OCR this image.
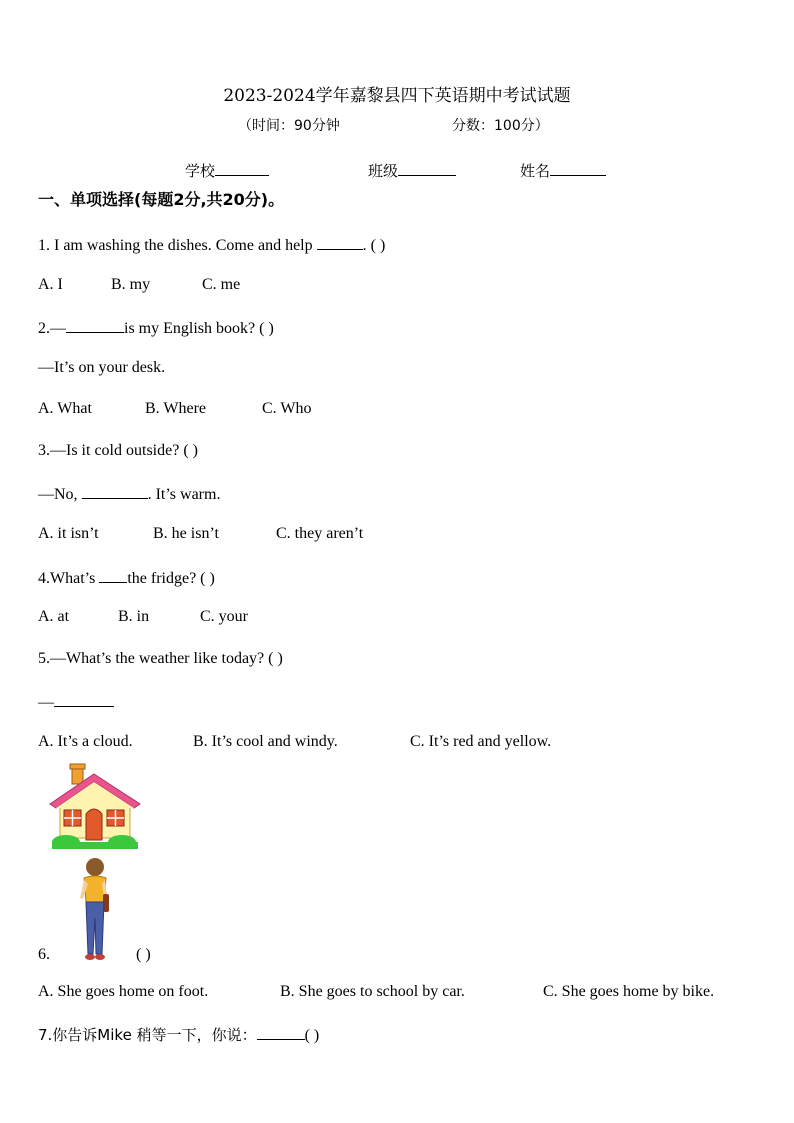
2023-2024学年嘉黎县四下英语期中考试试题
（时间：90分钟	分数：100分）
学校	班级	姓名
一、单项选择(每题2分,共20分)。
1. I am washing the dishes. Come and help	. ( )
A. I	B. my	C. me
2.—	is my English book? ( )
—It’s on your desk.
A. What	B. Where	C. Who
3.—Is it cold outside? ( )
—No,	. It’s warm.
A. it isn’t	B. he isn’t	C. they aren’t
4.What’s the fridge? ( )
A. at	B. in	C. your
5.—What’s the weather like today? ( )
—
A. It’s a cloud.	B. It’s cool and windy.	C. It’s red and yellow.
6.	( )
A. She goes home on foot.	B. She goes to school by car.	C. She goes home by bike.
7.你告诉Mike 稍等一下，你说：	( )
